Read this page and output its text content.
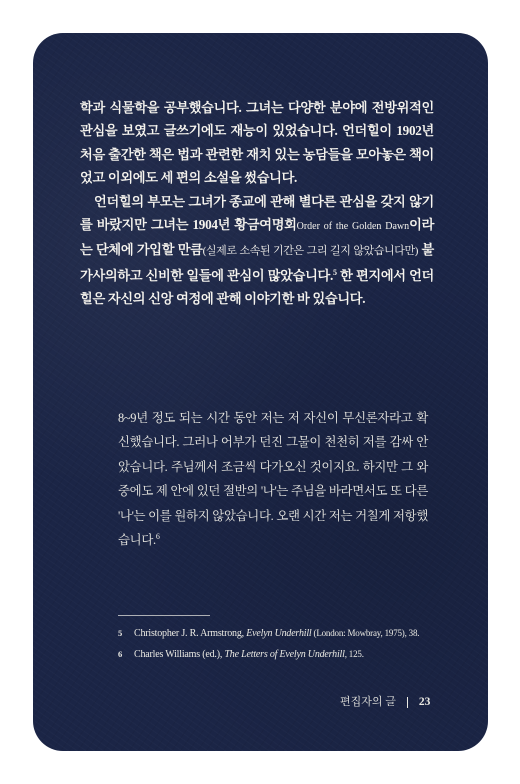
학과 식물학을 공부했습니다. 그녀는 다양한 분야에 전방위적인 관심을 보였고 글쓰기에도 재능이 있었습니다. 언더힐이 1902년 처음 출간한 책은 법과 관련한 재치 있는 농담들을 모아놓은 책이었고 이외에도 세 편의 소설을 썼습니다.

언더힐의 부모는 그녀가 종교에 관해 별다른 관심을 갖지 않기를 바랐지만 그녀는 1904년 황금여명회Order of the Golden Dawn이라는 단체에 가입할 만큼(실제로 소속된 기간은 그리 길지 않았습니다만) 불가사의하고 신비한 일들에 관심이 많았습니다.$^5$ 한 편지에서 언더힐은 자신의 신앙 여정에 관해 이야기한 바 있습니다.

8~9년 정도 되는 시간 동안 저는 저 자신이 무신론자라고 확신했습니다. 그러나 어부가 던진 그물이 천천히 저를 감싸 안았습니다. 주님께서 조금씩 다가오신 것이지요. 하지만 그 와중에도 제 안에 있던 절반의 '나'는 주님을 바라면서도 또 다른 '나'는 이를 원하지 않았습니다. 오랜 시간 저는 거칠게 저항했습니다.$^6$

5	Christopher J. R. Armstrong, Evelyn Underhill (London: Mowbray, 1975), 38.
6	Charles Williams (ed.), The Letters of Evelyn Underhill, 125.
편집자의 글 23
